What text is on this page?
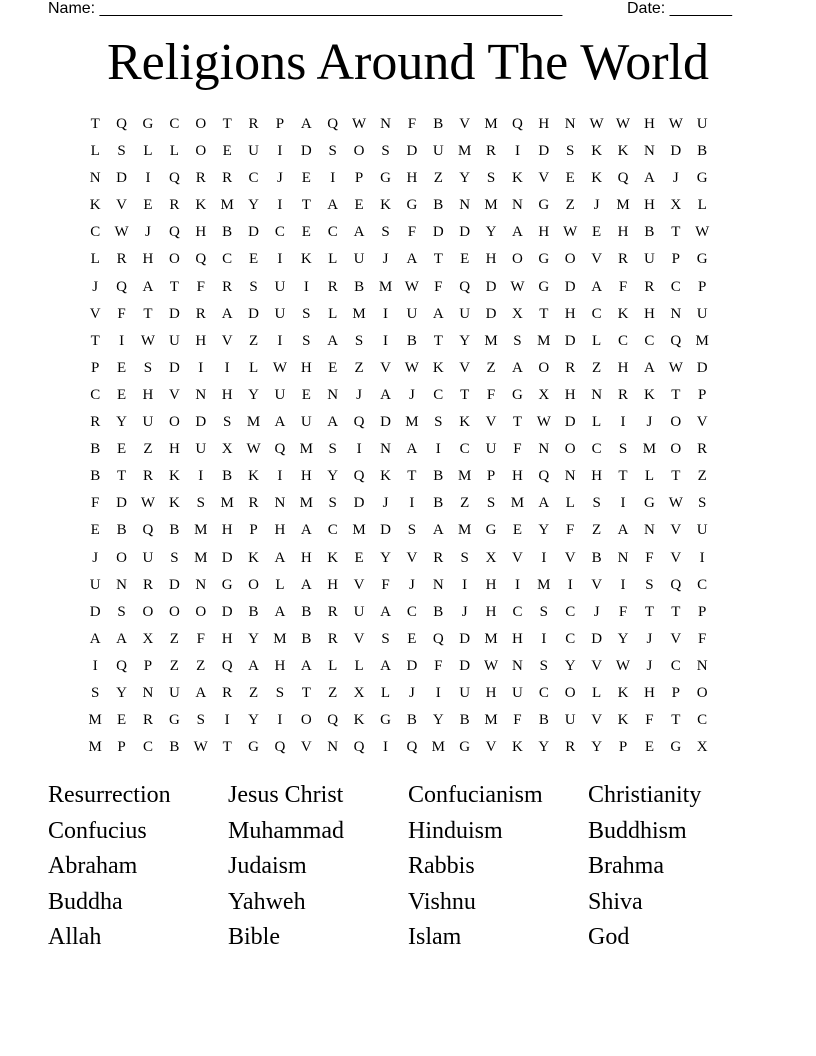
Name: ____________________________________________________	Date: _______
Religions Around The World
T	Q	G	C	O	T	R	P	A	Q W N	F	B	V M Q	H	N W W H W U
L	S	L	L	O	E	U	I	D	S	O	S	D	U M R	I	D	S	K	K	N	D	B
N	D	I	Q	R	R	C	J	E	I	P	G	H	Z	Y	S	K	V	E	K	Q	A	J	G
K	V	E	R	K M Y	I	T	A	E	K	G	B	N M N	G	Z	J	M H	X	L
C W	J	Q	H	B	D	C	E	C	A	S	F	D	D	Y	A	H W E	H	B	T W
L	R	H	O	Q	C	E	I	K	L	U	J	A	T	E	H	O	G	O	V	R	U	P	G
J	Q	A	T	F	R	S	U	I	R	B M W	F	Q	D W G	D	A	F	R	C	P
V	F	T	D	R	A	D	U	S	L	M	I	U	A	U	D	X	T	H	C	K	H	N	U
T	I	W U	H	V	Z	I	S	A	S	I	B	T	Y M	S	M D	L	C	C	Q M
P	E	S	D	I	I	L W H	E	Z	V W K	V	Z	A	O	R	Z	H	A W D
C	E	H	V	N	H	Y	U	E	N	J	A	J	C	T	F	G	X	H	N	R	K	T	P
R	Y	U	O	D	S	M A	U	A	Q	D M	S	K	V	T W D	L	I	J	O	V
B	E	Z	H	U	X W Q M	S	I	N	A	I	C	U	F	N	O	C	S	M O	R
B	T	R	K	I	B	K	I	H	Y	Q	K	T	B M	P	H	Q	N	H	T	L	T	Z
F	D W K	S	M R	N M	S	D	J	I	B	Z	S	M A	L	S	I	G W	S
E	B	Q	B M H	P	H	A	C M D	S	A M G	E	Y	F	Z	A	N	V	U
J	O	U	S	M D	K	A	H	K	E	Y	V	R	S	X	V	I	V	B	N	F	V	I
U	N	R	D	N	G	O	L	A	H	V	F	J	N	I	H	I	M	I	V	I	S	Q	C
D	S	O	O	O	D	B	A	B	R	U	A	C	B	J	H	C	S	C	J	F	T	T	P
A	A	X	Z	F	H	Y M B	R	V	S	E	Q	D M H	I	C	D	Y	J	V	F
I	Q	P	Z	Z	Q	A	H	A	L	L	A	D	F	D W N	S	Y	V W	J	C	N
S	Y	N	U	A	R	Z	S	T	Z	X	L	J	I	U	H	U	C	O	L	K	H	P	O
M	E	R	G	S	I	Y	I	O	Q	K	G	B	Y	B M	F	B	U	V	K	F	T	C
M	P	C	B W T	G	Q	V	N	Q	I	Q M G	V	K	Y	R	Y	P	E	G	X
Resurrection	Jesus Christ	Confucianism	Christianity
Confucius	Muhammad	Hinduism	Buddhism
Abraham	Judaism	Rabbis	Brahma
Buddha	Yahweh	Vishnu	Shiva
Allah	Bible	Islam	God
